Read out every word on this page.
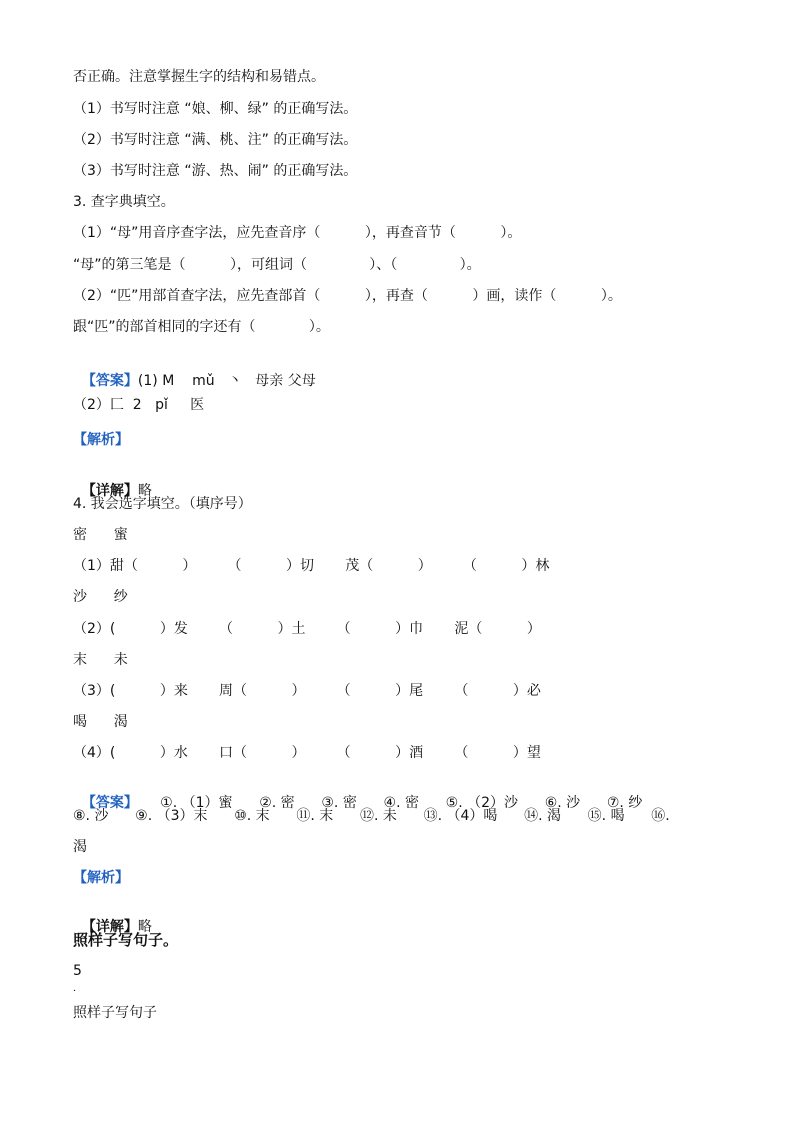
否正确。注意掌握生字的结构和易错点。

（1）书写时注意 “娘、柳、绿” 的正确写法。

（2）书写时注意 “满、桃、注” 的正确写法。

（3）书写时注意 “游、热、闹” 的正确写法。

3. 查字典填空。

（1）“母”用音序查字法，应先查音序（          ），再查音节（          ）。

“母”的第三笔是（          ），可组词（              ）、（              ）。

（2）“匹”用部首查字法，应先查部首（          ），再查（          ）画，读作（          ）。

跟“匹”的部首相同的字还有（            ）。

【答案】(1) M    mǔ   丶   母亲 父母

（2）匚  2   pǐ     医

【解析】

【详解】略

4. 我会选字填空。（填序号）

密      蜜

（1）甜（          ）       （          ）切       茂（          ）       （          ）林

沙      纱

（2）(          ）发       （          ）土       （          ）巾       泥（          ）

末      未

（3）(          ）来       周（          ）       （          ）尾       （          ）必

喝      渴

（4）(          ）水       口（          ）       （          ）酒       （          ）望

【答案】     ①. （1）蜜      ②. 密      ③. 密      ④. 密      ⑤. （2）沙      ⑥. 沙      ⑦. 纱

⑧. 沙      ⑨. （3）末      ⑩. 末      ⑪. 末      ⑫. 未      ⑬. （4）喝      ⑭. 渴      ⑮. 喝      ⑯.

渴

【解析】

【详解】略

照样子写句子。

5

．

照样子写句子
